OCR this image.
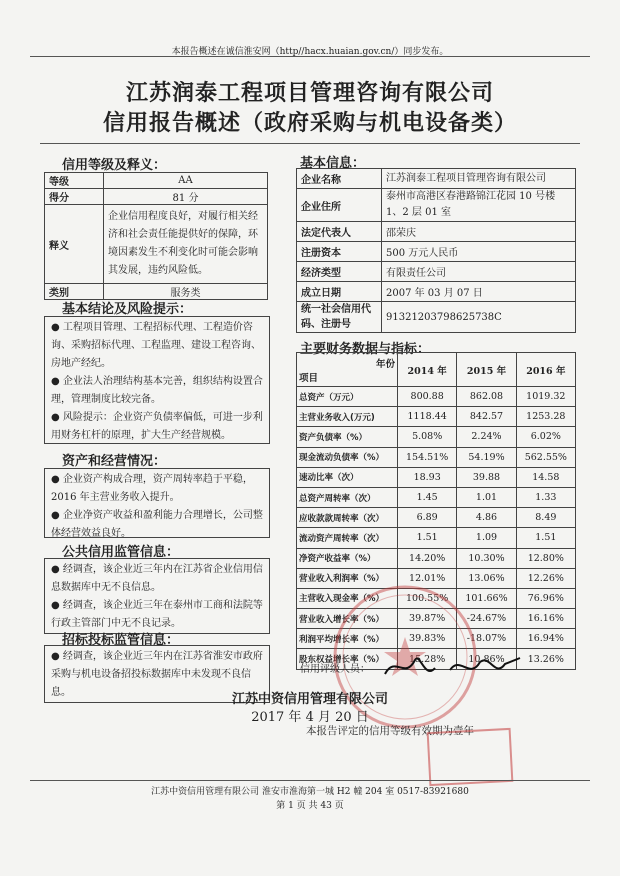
本报告概述在诚信淮安网（http//hacx.huaian.gov.cn/）同步发布。
江苏润泰工程项目管理咨询有限公司
信用报告概述（政府采购与机电设备类）
信用等级及释义：
等级	AA
得分	81 分
释义	企业信用程度良好，对履行相关经济和社会责任能提供好的保障，环境因素发生不利变化时可能会影响其发展，违约风险低。
类别	服务类
基本结论及风险提示：

● 工程项目管理、工程招标代理、工程造价咨询、采购招标代理、工程监理、建设工程咨询、房地产经纪。

● 企业法人治理结构基本完善，组织结构设置合理，管理制度比较完备。

● 风险提示：企业资产负债率偏低，可进一步利用财务杠杆的原理，扩大生产经营规模。

资产和经营情况：

● 企业资产构成合理，资产周转率趋于平稳，2016 年主营业务收入提升。

● 企业净资产收益和盈利能力合理增长，公司整体经营效益良好。

公共信用监管信息：

● 经调查，该企业近三年内在江苏省企业信用信息数据库中无不良信息。

● 经调查，该企业近三年在泰州市工商和法院等行政主管部门中无不良记录。

招标投标监管信息：

● 经调查，该企业近三年内在江苏省淮安市政府采购与机电设备招投标数据库中未发现不良信息。

基本信息：
企业名称	江苏润泰工程项目管理咨询有限公司
企业住所	泰州市高港区春港路锦江花园 10 号楼 1、2 层 01 室
法定代表人	邵荣庆
注册资本	500 万元人民币
经济类型	有限责任公司
成立日期	2007 年 03 月 07 日
统一社会信用代码、注册号	91321203798625738C
主要财务数据与指标：
年份
项目	2014 年	2015 年	2016 年
总资产（万元）	800.88	862.08	1019.32
主营业务收入(万元)	1118.44	842.57	1253.28
资产负债率（%）	5.08%	2.24%	6.02%
现金流动负债率（%）	154.51%	54.19%	562.55%
速动比率（次）	18.93	39.88	14.58
总资产周转率（次）	1.45	1.01	1.33
应收款款周转率（次）	6.89	4.86	8.49
流动资产周转率（次）	1.51	1.09	1.51
净资产收益率（%）	14.20%	10.30%	12.80%
营业收入利润率（%）	12.01%	13.06%	12.26%
主营收入现金率（%）	100.55%	101.66%	76.96%
营业收入增长率（%）	39.87%	-24.67%	16.16%
利润平均增长率（%）	39.83%	-18.07%	16.94%
股东权益增长率（%）	15.28%	10.86%	13.26%
信用评级人员：
江苏中资信用管理有限公司
2017 年 4 月 20 日
本报告评定的信用等级有效期为壹年
江苏中资信用管理有限公司 淮安市淮海第一城 H2 幢 204 室 0517-83921680
第 1 页 共 43 页
